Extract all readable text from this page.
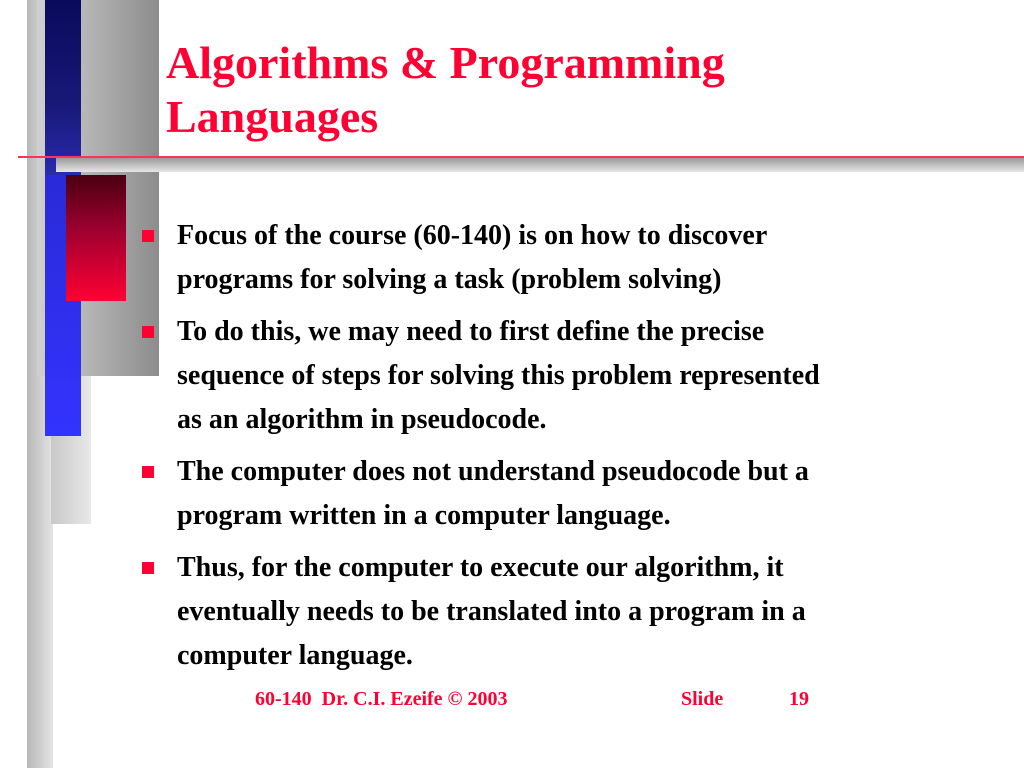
Algorithms & Programming
Languages
Focus of the course (60-140) is on how to discover
programs for solving a task (problem solving)
To do this, we may need to first define the precise
sequence of steps for solving this problem represented
as an algorithm in pseudocode.
The computer does not understand pseudocode but a
program written in a computer language.
Thus, for the computer to execute our algorithm, it
eventually needs to be translated into a program in a
computer language.
60-140  Dr. C.I. Ezeife © 2003	Slide	19
